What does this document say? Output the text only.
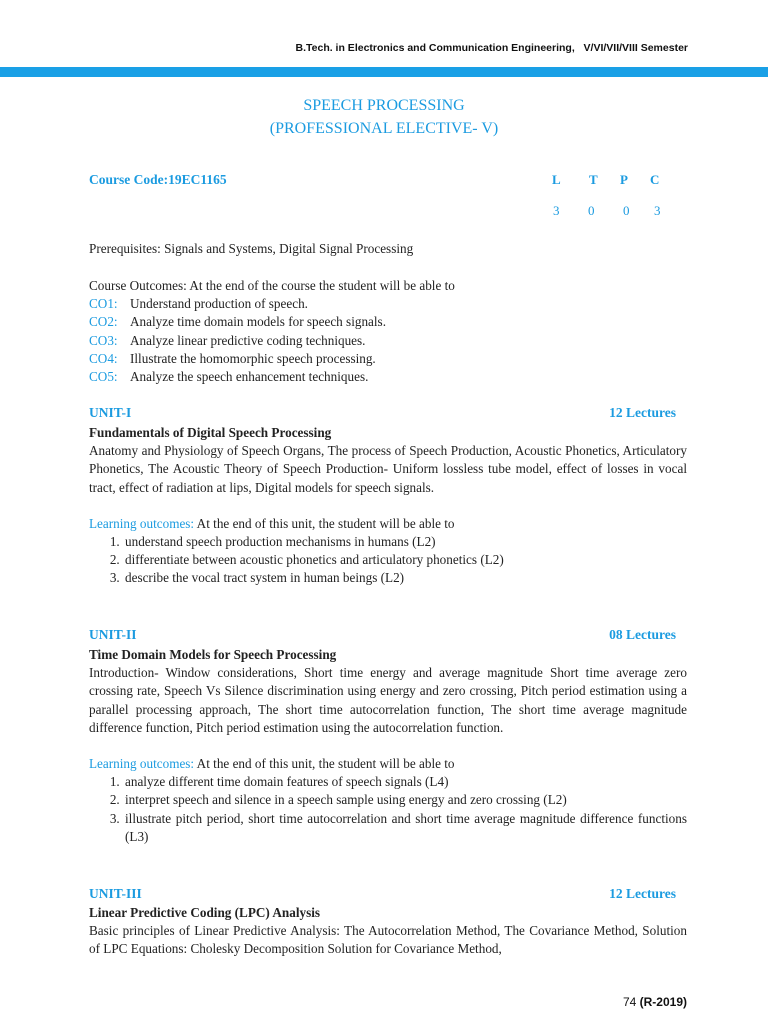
B.Tech. in Electronics and Communication Engineering, V/VI/VII/VIII Semester
SPEECH PROCESSING
(PROFESSIONAL ELECTIVE- V)
Course Code:19EC1165	L T P C
3 0 0 3
Prerequisites: Signals and Systems, Digital Signal Processing
Course Outcomes: At the end of the course the student will be able to
CO1: Understand production of speech.
CO2: Analyze time domain models for speech signals.
CO3: Analyze linear predictive coding techniques.
CO4: Illustrate the homomorphic speech processing.
CO5: Analyze the speech enhancement techniques.
UNIT-I	12 Lectures
Fundamentals of Digital Speech Processing
Anatomy and Physiology of Speech Organs, The process of Speech Production, Acoustic Phonetics, Articulatory Phonetics, The Acoustic Theory of Speech Production- Uniform lossless tube model, effect of losses in vocal tract, effect of radiation at lips, Digital models for speech signals.
Learning outcomes: At the end of this unit, the student will be able to
1. understand speech production mechanisms in humans (L2)
2. differentiate between acoustic phonetics and articulatory phonetics (L2)
3. describe the vocal tract system in human beings (L2)
UNIT-II	08 Lectures
Time Domain Models for Speech Processing
Introduction- Window considerations, Short time energy and average magnitude Short time average zero crossing rate, Speech Vs Silence discrimination using energy and zero crossing, Pitch period estimation using a parallel processing approach, The short time autocorrelation function, The short time average magnitude difference function, Pitch period estimation using the autocorrelation function.
Learning outcomes: At the end of this unit, the student will be able to
1. analyze different time domain features of speech signals (L4)
2. interpret speech and silence in a speech sample using energy and zero crossing (L2)
3. illustrate pitch period, short time autocorrelation and short time average magnitude difference functions (L3)
UNIT-III	12 Lectures
Linear Predictive Coding (LPC) Analysis
Basic principles of Linear Predictive Analysis: The Autocorrelation Method, The Covariance Method, Solution of LPC Equations: Cholesky Decomposition Solution for Covariance Method,
74 (R-2019)
